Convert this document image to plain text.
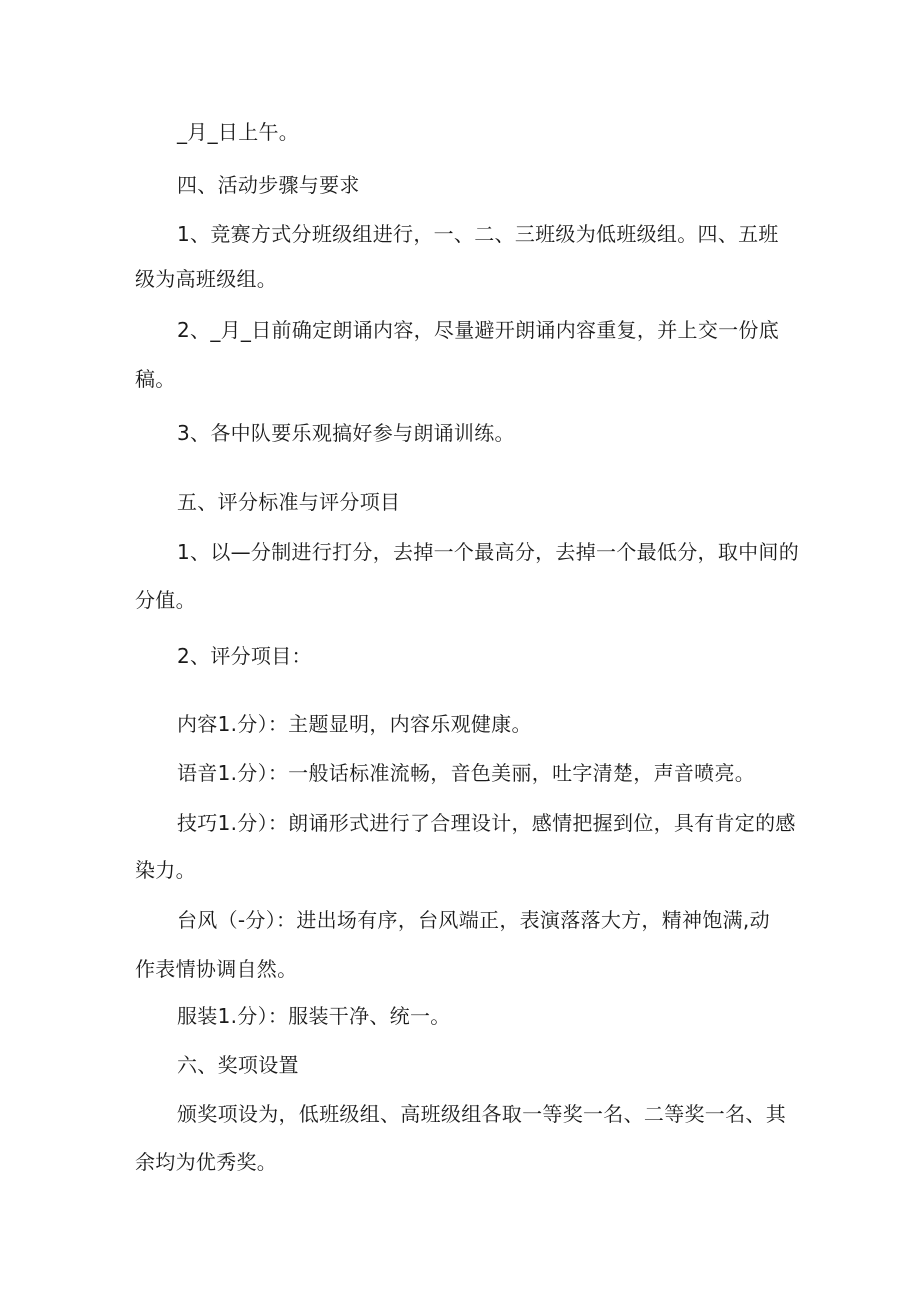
_月_日上午。
四、活动步骤与要求
1、竞赛方式分班级组进行，一、二、三班级为低班级组。四、五班
级为高班级组。
2、_月_日前确定朗诵内容，尽量避开朗诵内容重复，并上交一份底
稿。
3、各中队要乐观搞好参与朗诵训练。
五、评分标准与评分项目
1、以—分制进行打分，去掉一个最高分，去掉一个最低分，取中间的
分值。
2、评分项目：
内容1.分）：主题显明，内容乐观健康。
语音1.分）：一般话标准流畅，音色美丽，吐字清楚，声音喷亮。
技巧1.分）：朗诵形式进行了合理设计，感情把握到位，具有肯定的感
染力。
台风（-分）：进出场有序，台风端正，表演落落大方，精神饱满,动
作表情协调自然。
服装1.分）：服装干净、统一。
六、奖项设置
颁奖项设为，低班级组、高班级组各取一等奖一名、二等奖一名、其
余均为优秀奖。
